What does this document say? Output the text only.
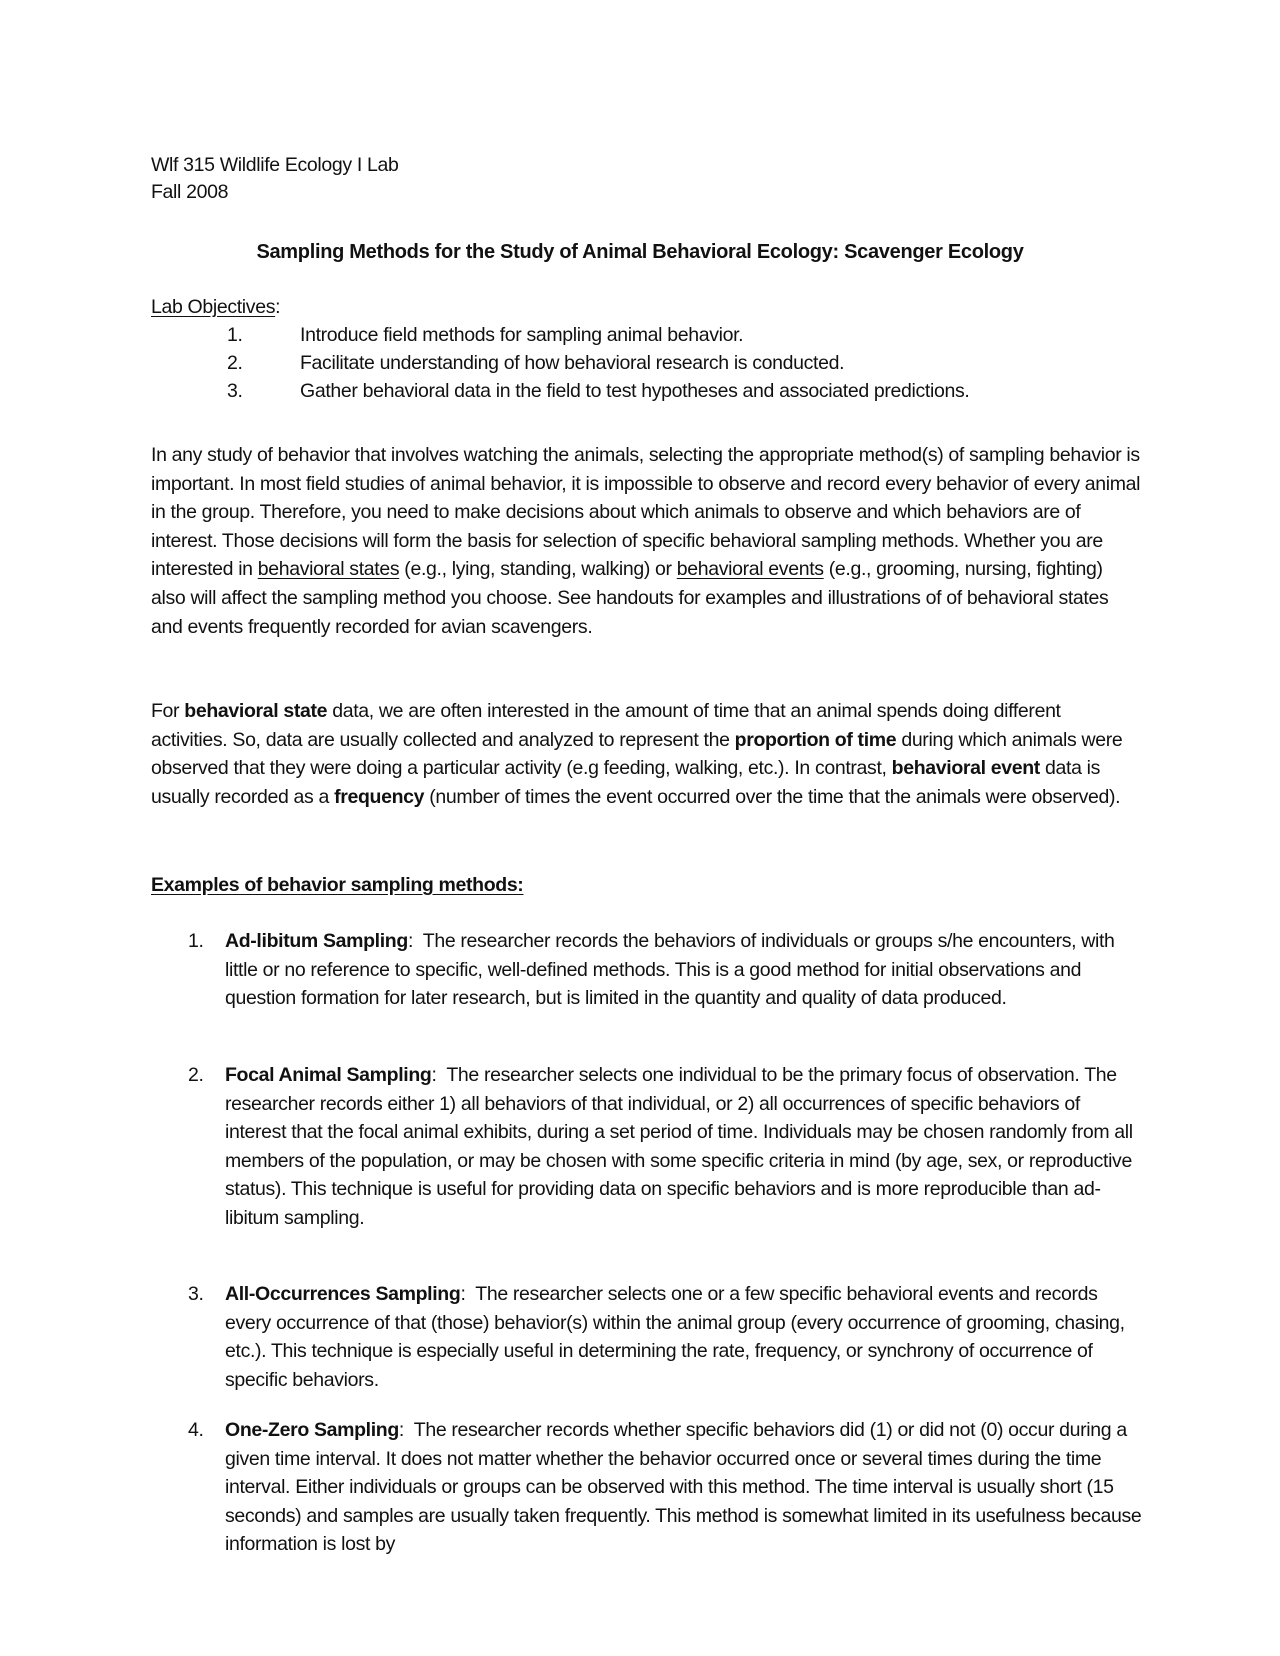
Wlf 315 Wildlife Ecology I Lab
Fall 2008
Sampling Methods for the Study of Animal Behavioral Ecology: Scavenger Ecology
Lab Objectives:
1.	Introduce field methods for sampling animal behavior.
2.	Facilitate understanding of how behavioral research is conducted.
3.	Gather behavioral data in the field to test hypotheses and associated predictions.
In any study of behavior that involves watching the animals, selecting the appropriate method(s) of sampling behavior is important. In most field studies of animal behavior, it is impossible to observe and record every behavior of every animal in the group. Therefore, you need to make decisions about which animals to observe and which behaviors are of interest. Those decisions will form the basis for selection of specific behavioral sampling methods. Whether you are interested in behavioral states (e.g., lying, standing, walking) or behavioral events (e.g., grooming, nursing, fighting) also will affect the sampling method you choose. See handouts for examples and illustrations of of behavioral states and events frequently recorded for avian scavengers.
For behavioral state data, we are often interested in the amount of time that an animal spends doing different activities. So, data are usually collected and analyzed to represent the proportion of time during which animals were observed that they were doing a particular activity (e.g feeding, walking, etc.). In contrast, behavioral event data is usually recorded as a frequency (number of times the event occurred over the time that the animals were observed).
Examples of behavior sampling methods:
1. Ad-libitum Sampling:  The researcher records the behaviors of individuals or groups s/he encounters, with little or no reference to specific, well-defined methods. This is a good method for initial observations and question formation for later research, but is limited in the quantity and quality of data produced.
2. Focal Animal Sampling:  The researcher selects one individual to be the primary focus of observation. The researcher records either 1) all behaviors of that individual, or 2) all occurrences of specific behaviors of interest that the focal animal exhibits, during a set period of time. Individuals may be chosen randomly from all members of the population, or may be chosen with some specific criteria in mind (by age, sex, or reproductive status). This technique is useful for providing data on specific behaviors and is more reproducible than ad-libitum sampling.
3. All-Occurrences Sampling:  The researcher selects one or a few specific behavioral events and records every occurrence of that (those) behavior(s) within the animal group (every occurrence of grooming, chasing, etc.). This technique is especially useful in determining the rate, frequency, or synchrony of occurrence of specific behaviors.
4. One-Zero Sampling:  The researcher records whether specific behaviors did (1) or did not (0) occur during a given time interval. It does not matter whether the behavior occurred once or several times during the time interval. Either individuals or groups can be observed with this method. The time interval is usually short (15 seconds) and samples are usually taken frequently. This method is somewhat limited in its usefulness because information is lost by
